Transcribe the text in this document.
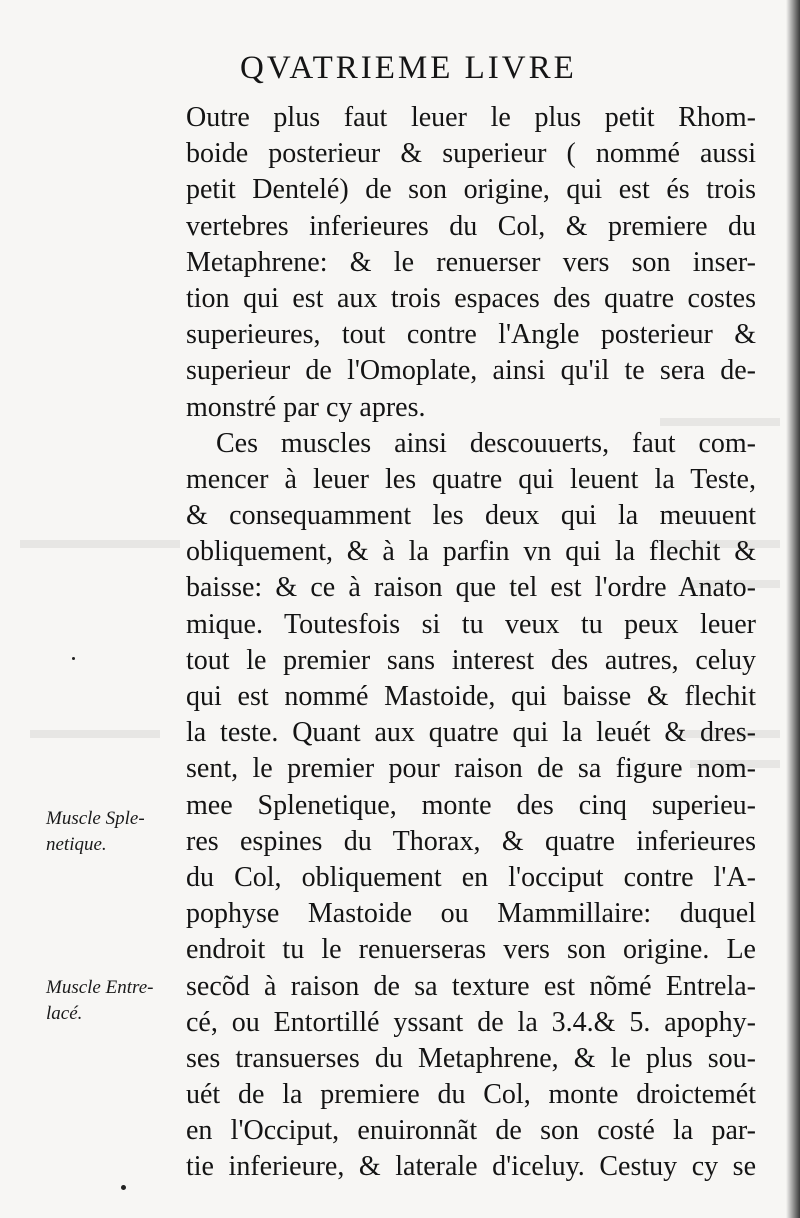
QVATRIEME LIVRE
Outre plus faut leuer le plus petit Rhom-
boide posterieur & superieur ( nommé aussi
petit Dentelé) de son origine, qui est és trois
vertebres inferieures du Col, & premiere du
Metaphrene: & le renuerser vers son inser-
tion qui est aux trois espaces des quatre costes
superieures, tout contre l'Angle posterieur &
superieur de l'Omoplate, ainsi qu'il te sera de-
monstré par cy apres.
Ces muscles ainsi descouuerts, faut com-
mencer à leuer les quatre qui leuent la Teste,
& consequamment les deux qui la meuuent
obliquement, & à la parfin vn qui la flechit &
baisse: & ce à raison que tel est l'ordre Anato-
mique. Toutesfois si tu veux tu peux leuer
tout le premier sans interest des autres, celuy
qui est nommé Mastoide, qui baisse & flechit
la teste. Quant aux quatre qui la leuét & dres-
sent, le premier pour raison de sa figure nom-
mee Splenetique, monte des cinq superieu-
res espines du Thorax, & quatre inferieures
du Col, obliquement en l'occiput contre l'A-
pophyse Mastoide ou Mammillaire: duquel
endroit tu le renuerseras vers son origine. Le
secõd à raison de sa texture est nõmé Entrela-
cé, ou Entortillé yssant de la 3.4.& 5. apophy-
ses transuerses du Metaphrene, & le plus sou-
uét de la premiere du Col, monte droictemét
en l'Occiput, enuironnãt de son costé la par-
tie inferieure, & laterale d'iceluy. Cestuy cy se
Muscle Sple-
netique.
Muscle Entre-
lacé.
